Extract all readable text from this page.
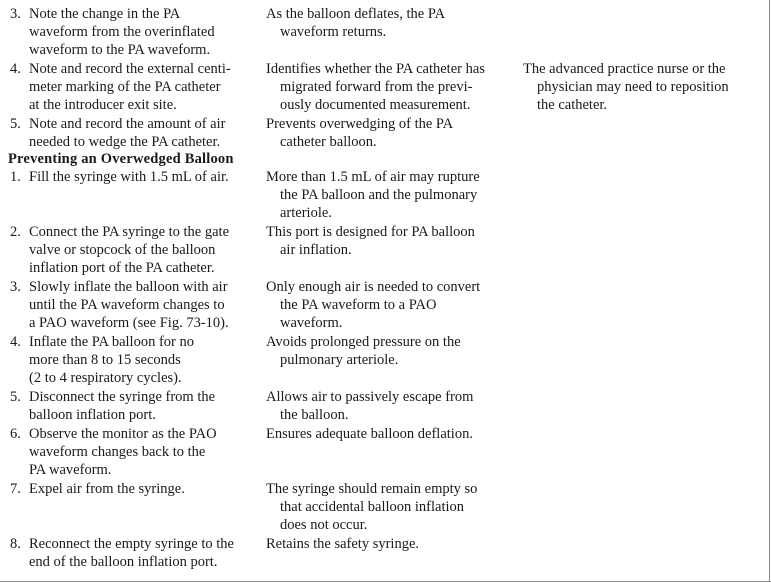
3. Note the change in the PA
waveform from the overinflated
waveform to the PA waveform.
As the balloon deflates, the PA
waveform returns.
4. Note and record the external centi-
meter marking of the PA catheter
at the introducer exit site.
Identifies whether the PA catheter has
migrated forward from the previ-
ously documented measurement.
The advanced practice nurse or the
physician may need to reposition
the catheter.
5. Note and record the amount of air
needed to wedge the PA catheter.
Prevents overwedging of the PA
catheter balloon.
Preventing an Overwedged Balloon
1. Fill the syringe with 1.5 mL of air.	More than 1.5 mL of air may rupture
the PA balloon and the pulmonary
arteriole.
2. Connect the PA syringe to the gate
valve or stopcock of the balloon
inflation port of the PA catheter.
This port is designed for PA balloon
air inflation.
3. Slowly inflate the balloon with air
until the PA waveform changes to
a PAO waveform (see Fig. 73-10).
Only enough air is needed to convert
the PA waveform to a PAO
waveform.
4. Inflate the PA balloon for no
more than 8 to 15 seconds
(2 to 4 respiratory cycles).
Avoids prolonged pressure on the
pulmonary arteriole.
5. Disconnect the syringe from the
balloon inflation port.
Allows air to passively escape from
the balloon.
6. Observe the monitor as the PAO
waveform changes back to the
PA waveform.
Ensures adequate balloon deflation.
7. Expel air from the syringe.	The syringe should remain empty so
that accidental balloon inflation
does not occur.
8. Reconnect the empty syringe to the
end of the balloon inflation port.
Retains the safety syringe.
